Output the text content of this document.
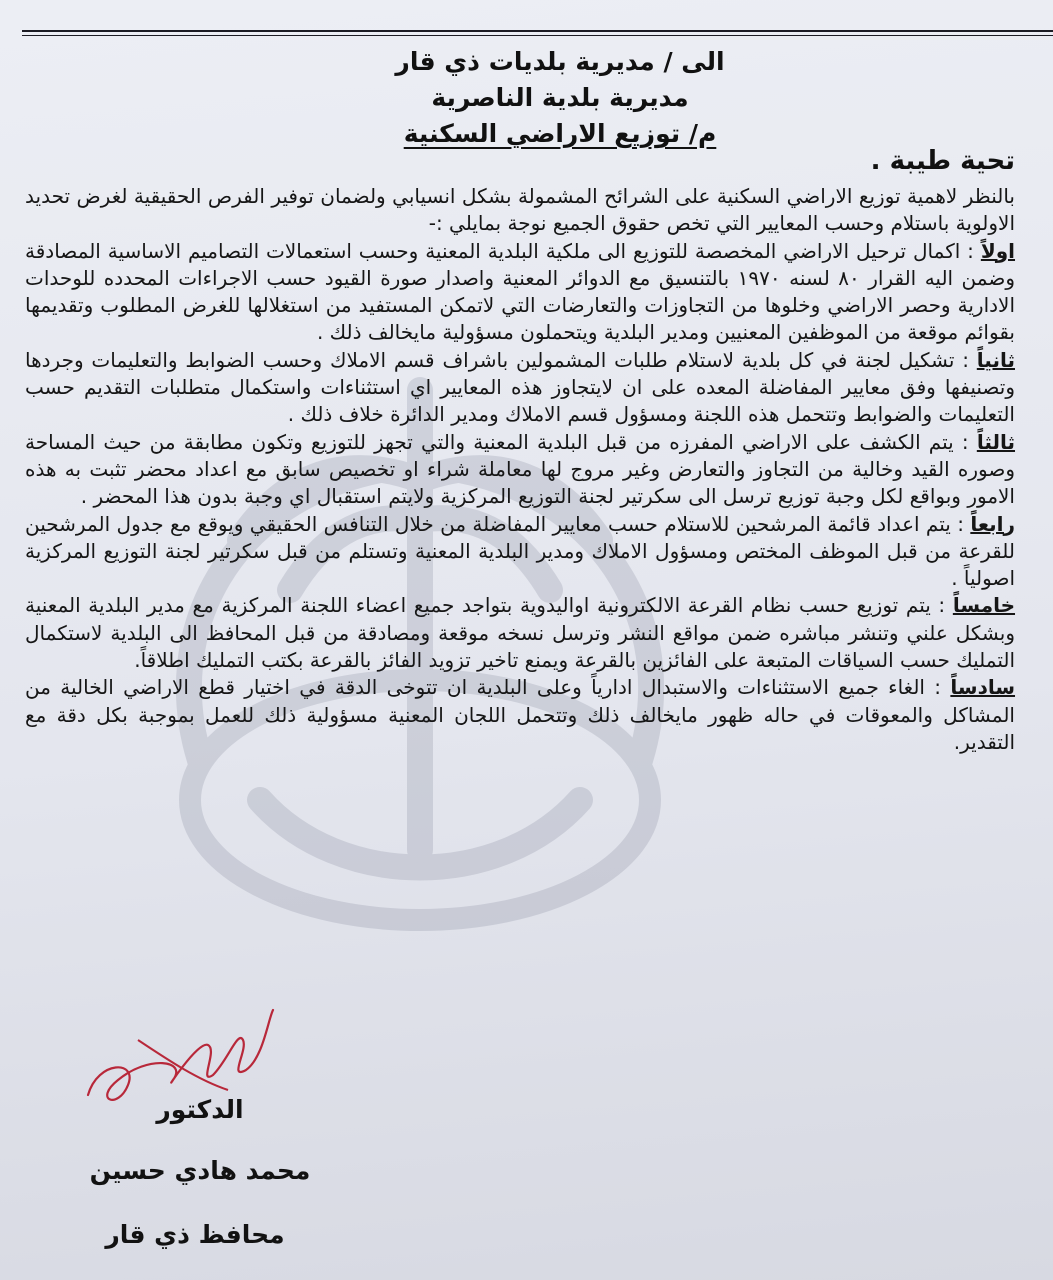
الى / مديرية بلديات ذي قار
مديرية بلدية الناصرية
م/ توزيع الاراضي السكنية
تحية طيبة .

بالنظر لاهمية توزيع الاراضي السكنية على الشرائح المشمولة بشكل انسيابي ولضمان توفير الفرص الحقيقية لغرض تحديد الاولوية باستلام وحسب المعايير التي تخص حقوق الجميع نوجة بمايلي :-

اولاً : اكمال ترحيل الاراضي المخصصة للتوزيع الى ملكية البلدية المعنية وحسب استعمالات التصاميم الاساسية المصادقة وضمن اليه القرار ٨٠ لسنه ١٩٧٠ بالتنسيق مع الدوائر المعنية واصدار صورة القيود حسب الاجراءات المحدده للوحدات الادارية وحصر الاراضي وخلوها من التجاوزات والتعارضات التي لاتمكن المستفيد من استغلالها للغرض المطلوب وتقديمها بقوائم موقعة من الموظفين المعنيين ومدير البلدية ويتحملون مسؤولية مايخالف ذلك .

ثانياً : تشكيل لجنة في كل بلدية لاستلام طلبات المشمولين باشراف قسم الاملاك وحسب الضوابط والتعليمات وجردها وتصنيفها وفق معايير المفاضلة المعده على ان لايتجاوز هذه المعايير اي استثناءات واستكمال متطلبات التقديم حسب التعليمات والضوابط وتتحمل هذه اللجنة ومسؤول قسم الاملاك ومدير الدائرة خلاف ذلك .

ثالثاً : يتم الكشف على الاراضي المفرزه من قبل البلدية المعنية والتي تجهز للتوزيع وتكون مطابقة من حيث المساحة وصوره القيد وخالية من التجاوز والتعارض وغير مروج لها معاملة شراء او تخصيص سابق مع اعداد محضر تثبت به هذه الامور وبواقع لكل وجبة توزيع ترسل الى سكرتير لجنة التوزيع المركزية ولايتم استقبال اي وجبة بدون هذا المحضر .

رابعاً : يتم اعداد قائمة المرشحين للاستلام حسب معايير المفاضلة من خلال التنافس الحقيقي ويوقع مع جدول المرشحين للقرعة من قبل الموظف المختص ومسؤول الاملاك ومدير البلدية المعنية وتستلم من قبل سكرتير لجنة التوزيع المركزية اصولياً .

خامساً : يتم توزيع حسب نظام القرعة الالكترونية اواليدوية بتواجد جميع اعضاء اللجنة المركزية مع مدير البلدية المعنية وبشكل علني وتنشر مباشره ضمن مواقع النشر وترسل نسخه موقعة ومصادقة من قبل المحافظ الى البلدية لاستكمال التمليك حسب السياقات المتبعة على الفائزين بالقرعة ويمنع تاخير تزويد الفائز بالقرعة بكتب التمليك اطلاقاً.

سادساً : الغاء جميع الاستثناءات والاستبدال ادارياً وعلى البلدية ان تتوخى الدقة في اختيار قطع الاراضي الخالية من المشاكل والمعوقات في حاله ظهور مايخالف ذلك وتتحمل اللجان المعنية مسؤولية ذلك للعمل بموجبة بكل دقة مع التقدير.

الدكتور
محمد هادي حسين
محافظ ذي قار
